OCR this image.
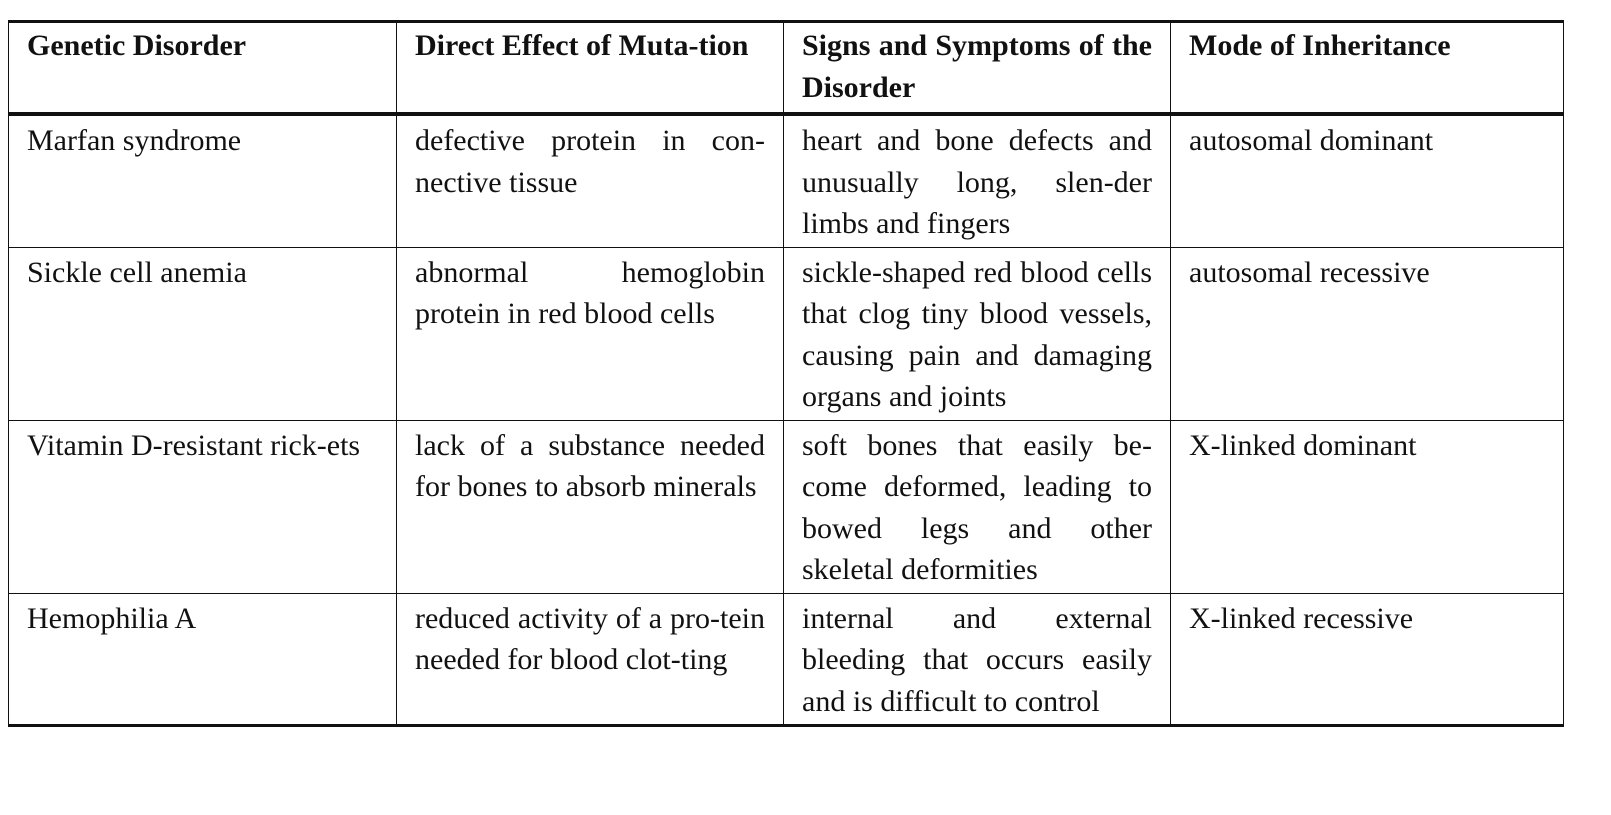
Genetic Disorder	Direct Effect of Muta-tion	Signs and Symptoms of the Disorder	Mode of Inheritance
Marfan syndrome	defective protein in con-nective tissue	heart and bone defects and unusually long, slen-der limbs and fingers	autosomal dominant
Sickle cell anemia	abnormal hemoglobin protein in red blood cells	sickle-shaped red blood cells that clog tiny blood vessels, causing pain and damaging organs and joints	autosomal recessive
Vitamin D-resistant rick-ets	lack of a substance needed for bones to absorb minerals	soft bones that easily be-come deformed, leading to bowed legs and other skeletal deformities	X-linked dominant
Hemophilia A	reduced activity of a pro-tein needed for blood clot-ting	internal and external bleeding that occurs easily and is difficult to control	X-linked recessive
